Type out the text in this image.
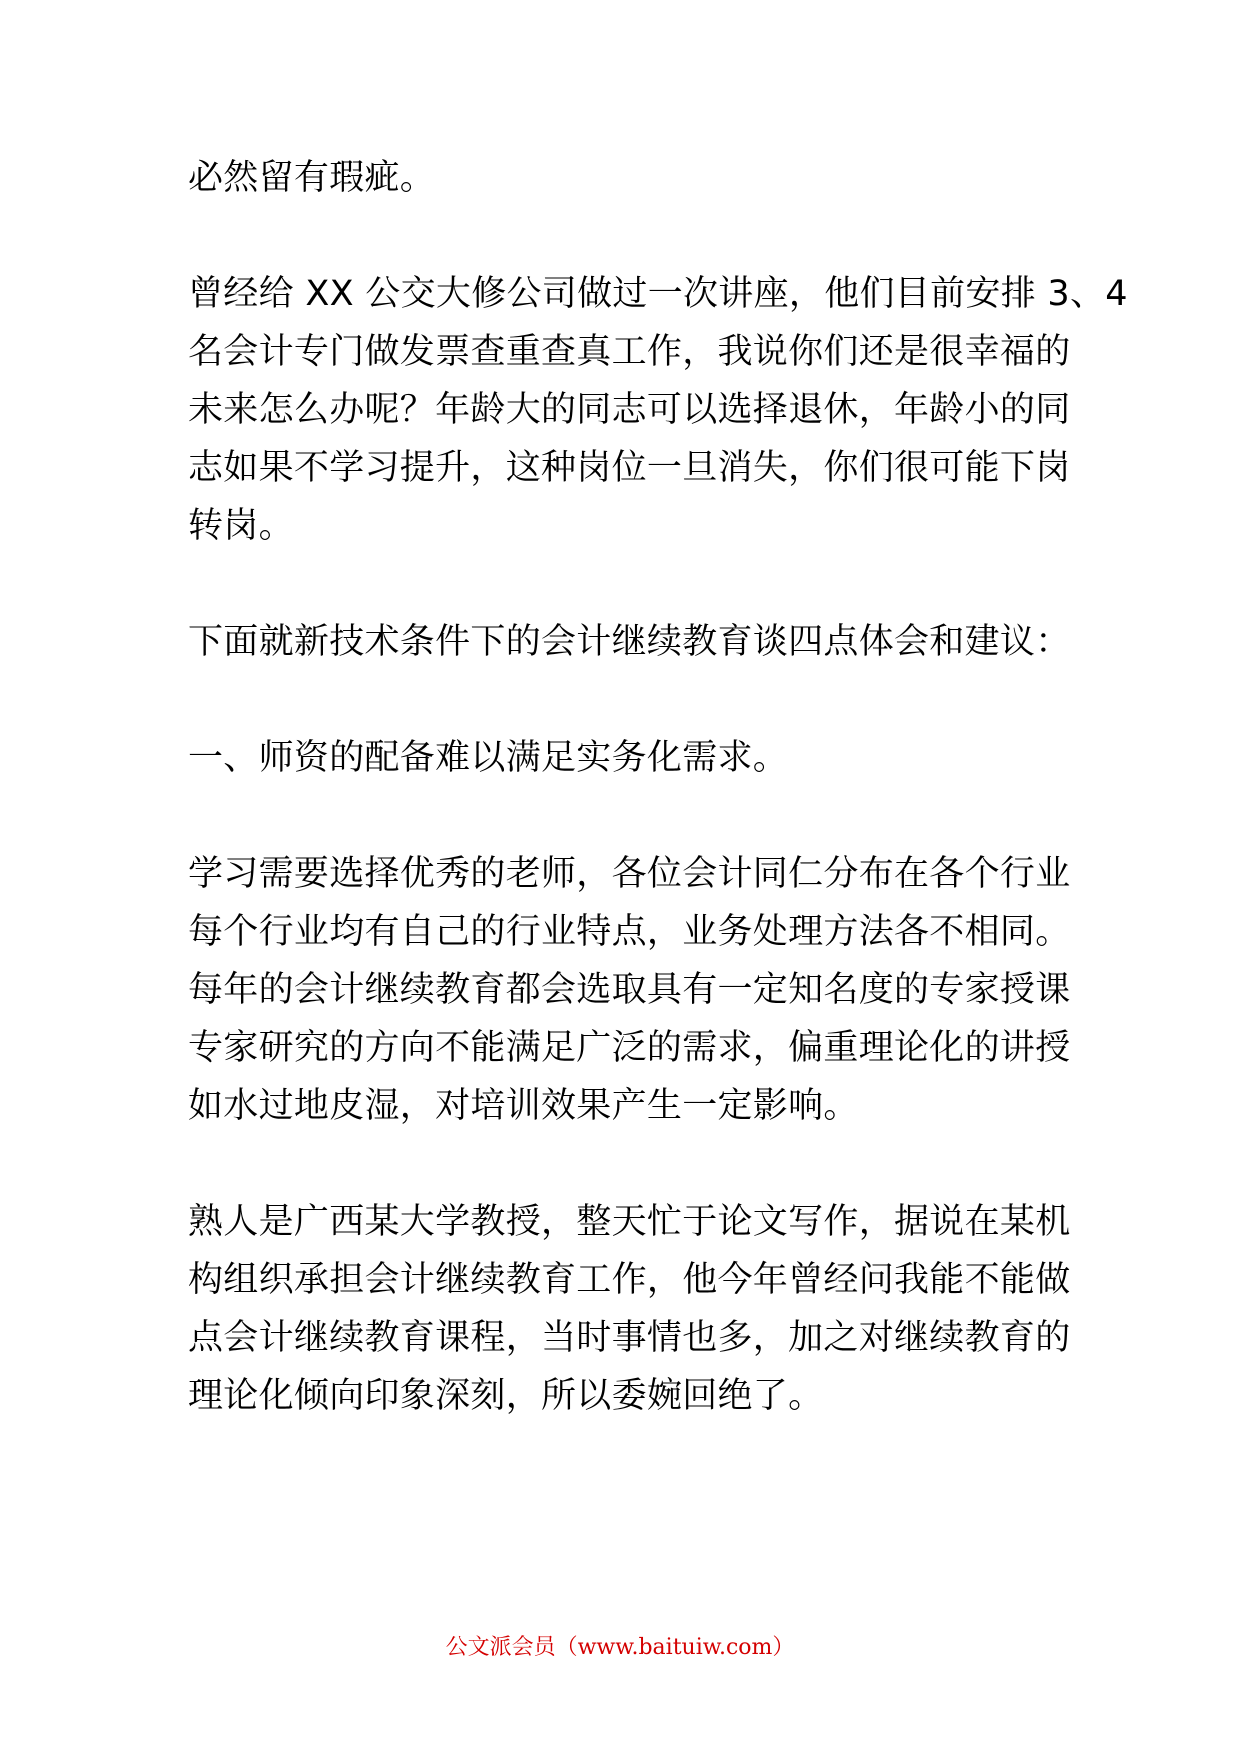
必然留有瑕疵。

曾经给 XX 公交大修公司做过一次讲座，他们目前安排 3、4

名会计专门做发票查重查真工作，我说你们还是很幸福的

未来怎么办呢？年龄大的同志可以选择退休，年龄小的同

志如果不学习提升，这种岗位一旦消失，你们很可能下岗

转岗。

下面就新技术条件下的会计继续教育谈四点体会和建议：

一、师资的配备难以满足实务化需求。

学习需要选择优秀的老师，各位会计同仁分布在各个行业

每个行业均有自己的行业特点，业务处理方法各不相同。

每年的会计继续教育都会选取具有一定知名度的专家授课

专家研究的方向不能满足广泛的需求，偏重理论化的讲授

如水过地皮湿，对培训效果产生一定影响。

熟人是广西某大学教授，整天忙于论文写作，据说在某机

构组织承担会计继续教育工作，他今年曾经问我能不能做

点会计继续教育课程，当时事情也多，加之对继续教育的

理论化倾向印象深刻，所以委婉回绝了。

公文派会员（www.baituiw.com）
